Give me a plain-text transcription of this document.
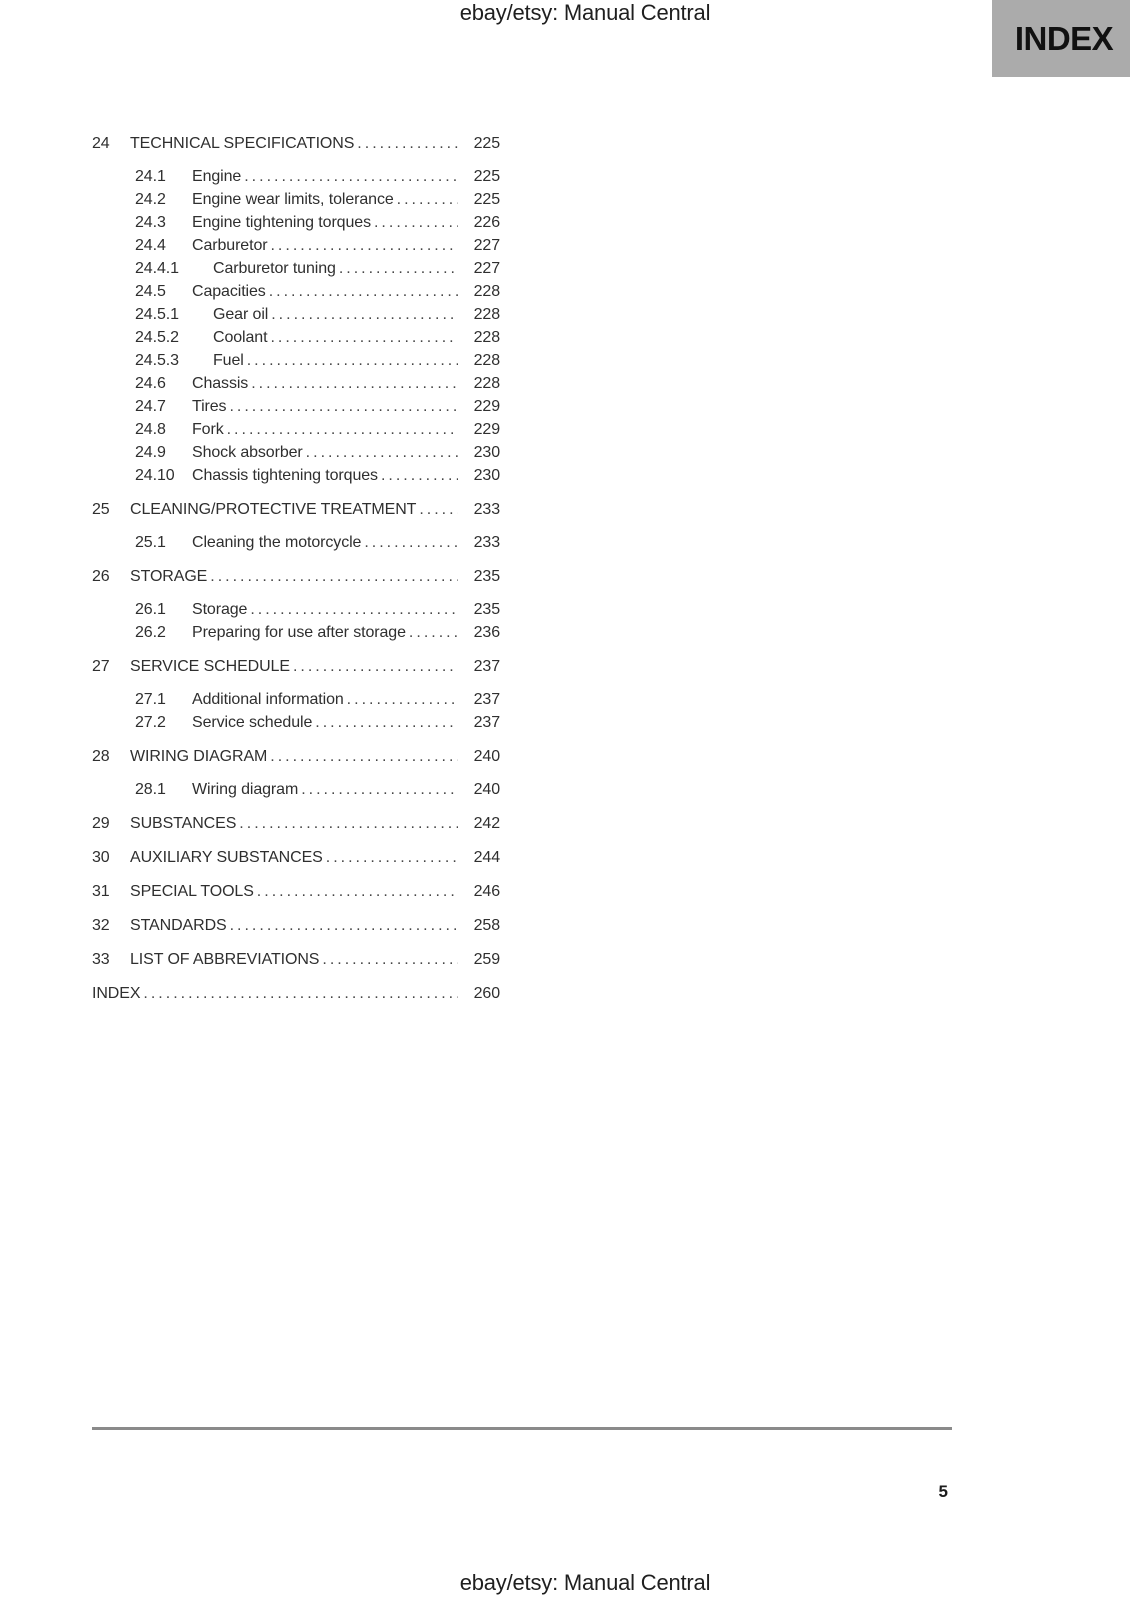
ebay/etsy: Manual Central
INDEX
24	TECHNICAL SPECIFICATIONS .....	225
24.1	Engine .....	225
24.2	Engine wear limits, tolerance .....	225
24.3	Engine tightening torques .....	226
24.4	Carburetor .....	227
24.4.1	Carburetor tuning .....	227
24.5	Capacities .....	228
24.5.1	Gear oil .....	228
24.5.2	Coolant .....	228
24.5.3	Fuel .....	228
24.6	Chassis .....	228
24.7	Tires .....	229
24.8	Fork .....	229
24.9	Shock absorber .....	230
24.10	Chassis tightening torques .....	230
25	CLEANING/PROTECTIVE TREATMENT .....	233
25.1	Cleaning the motorcycle .....	233
26	STORAGE .....	235
26.1	Storage .....	235
26.2	Preparing for use after storage .....	236
27	SERVICE SCHEDULE .....	237
27.1	Additional information .....	237
27.2	Service schedule .....	237
28	WIRING DIAGRAM .....	240
28.1	Wiring diagram .....	240
29	SUBSTANCES .....	242
30	AUXILIARY SUBSTANCES .....	244
31	SPECIAL TOOLS .....	246
32	STANDARDS .....	258
33	LIST OF ABBREVIATIONS .....	259
INDEX .....	260
5
ebay/etsy: Manual Central
